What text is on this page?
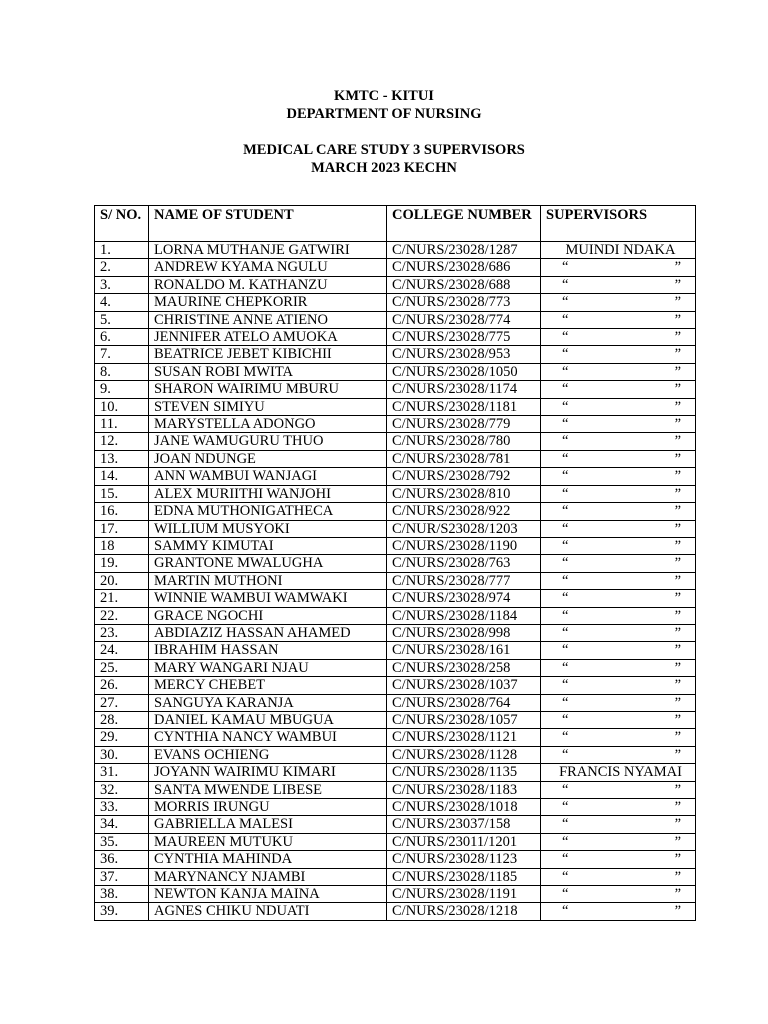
KMTC - KITUI
DEPARTMENT OF NURSING
MEDICAL CARE STUDY 3 SUPERVISORS
MARCH 2023 KECHN
S/ NO.	NAME OF STUDENT	COLLEGE NUMBER	SUPERVISORS
1.	LORNA MUTHANJE GATWIRI	C/NURS/23028/1287	MUINDI NDAKA

2.	ANDREW KYAMA NGULU	C/NURS/23028/686	“ ”

3.	RONALDO M. KATHANZU	C/NURS/23028/688	“ ”

4.	MAURINE CHEPKORIR	C/NURS/23028/773	“ ”

5.	CHRISTINE ANNE ATIENO	C/NURS/23028/774	“ ”

6.	JENNIFER ATELO AMUOKA	C/NURS/23028/775	“ ”

7.	BEATRICE JEBET KIBICHII	C/NURS/23028/953	“ ”

8.	SUSAN ROBI MWITA	C/NURS/23028/1050	“ ”

9.	SHARON WAIRIMU MBURU	C/NURS/23028/1174	“ ”

10.	STEVEN SIMIYU	C/NURS/23028/1181	“ ”

11.	MARYSTELLA ADONGO	C/NURS/23028/779	“ ”

12.	JANE WAMUGURU THUO	C/NURS/23028/780	“ ”

13.	JOAN NDUNGE	C/NURS/23028/781	“ ”

14.	ANN WAMBUI WANJAGI	C/NURS/23028/792	“ ”

15.	ALEX MURIITHI WANJOHI	C/NURS/23028/810	“ ”

16.	EDNA MUTHONIGATHECA	C/NURS/23028/922	“ ”

17.	WILLIUM MUSYOKI	C/NUR/S23028/1203	“ ”

18	SAMMY KIMUTAI	C/NURS/23028/1190	“ ”

19.	GRANTONE MWALUGHA	C/NURS/23028/763	“ ”

20.	MARTIN MUTHONI	C/NURS/23028/777	“ ”

21.	WINNIE WAMBUI WAMWAKI	C/NURS/23028/974	“ ”

22.	GRACE NGOCHI	C/NURS/23028/1184	“ ”

23.	ABDIAZIZ HASSAN AHAMED	C/NURS/23028/998	“ ”

24.	IBRAHIM HASSAN	C/NURS/23028/161	“ ”

25.	MARY WANGARI NJAU	C/NURS/23028/258	“ ”

26.	MERCY CHEBET	C/NURS/23028/1037	“ ”

27.	SANGUYA KARANJA	C/NURS/23028/764	“ ”

28.	DANIEL KAMAU MBUGUA	C/NURS/23028/1057	“ ”

29.	CYNTHIA NANCY WAMBUI	C/NURS/23028/1121	“ ”

30.	EVANS OCHIENG	C/NURS/23028/1128	“ ”

31.	JOYANN WAIRIMU KIMARI	C/NURS/23028/1135	FRANCIS NYAMAI

32.	SANTA MWENDE LIBESE	C/NURS/23028/1183	“ ”

33.	MORRIS IRUNGU	C/NURS/23028/1018	“ ”

34.	GABRIELLA MALESI	C/NURS/23037/158	“ ”

35.	MAUREEN MUTUKU	C/NURS/23011/1201	“ ”

36.	CYNTHIA MAHINDA	C/NURS/23028/1123	“ ”

37.	MARYNANCY NJAMBI	C/NURS/23028/1185	“ ”

38.	NEWTON KANJA MAINA	C/NURS/23028/1191	“ ”

39.	AGNES CHIKU NDUATI	C/NURS/23028/1218	“ ”
